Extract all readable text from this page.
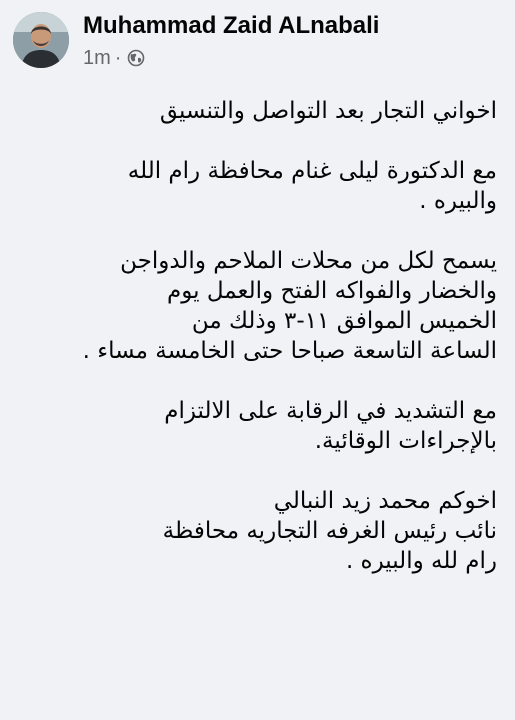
Muhammad Zaid ALnabali
1m ·

اخواني التجار بعد التواصل والتنسيق

مع الدكتورة ليلى غنام محافظة رام الله
والبيره .

يسمح لكل من محلات الملاحم والدواجن
والخضار والفواكه الفتح والعمل يوم
الخميس الموافق ١١-٣ وذلك من
الساعة التاسعة صباحا حتى الخامسة مساء .

مع التشديد في الرقابة على الالتزام
بالإجراءات الوقائية.

اخوكم محمد زيد النبالي
نائب رئيس الغرفه التجاريه محافظة
رام لله والبيره .
